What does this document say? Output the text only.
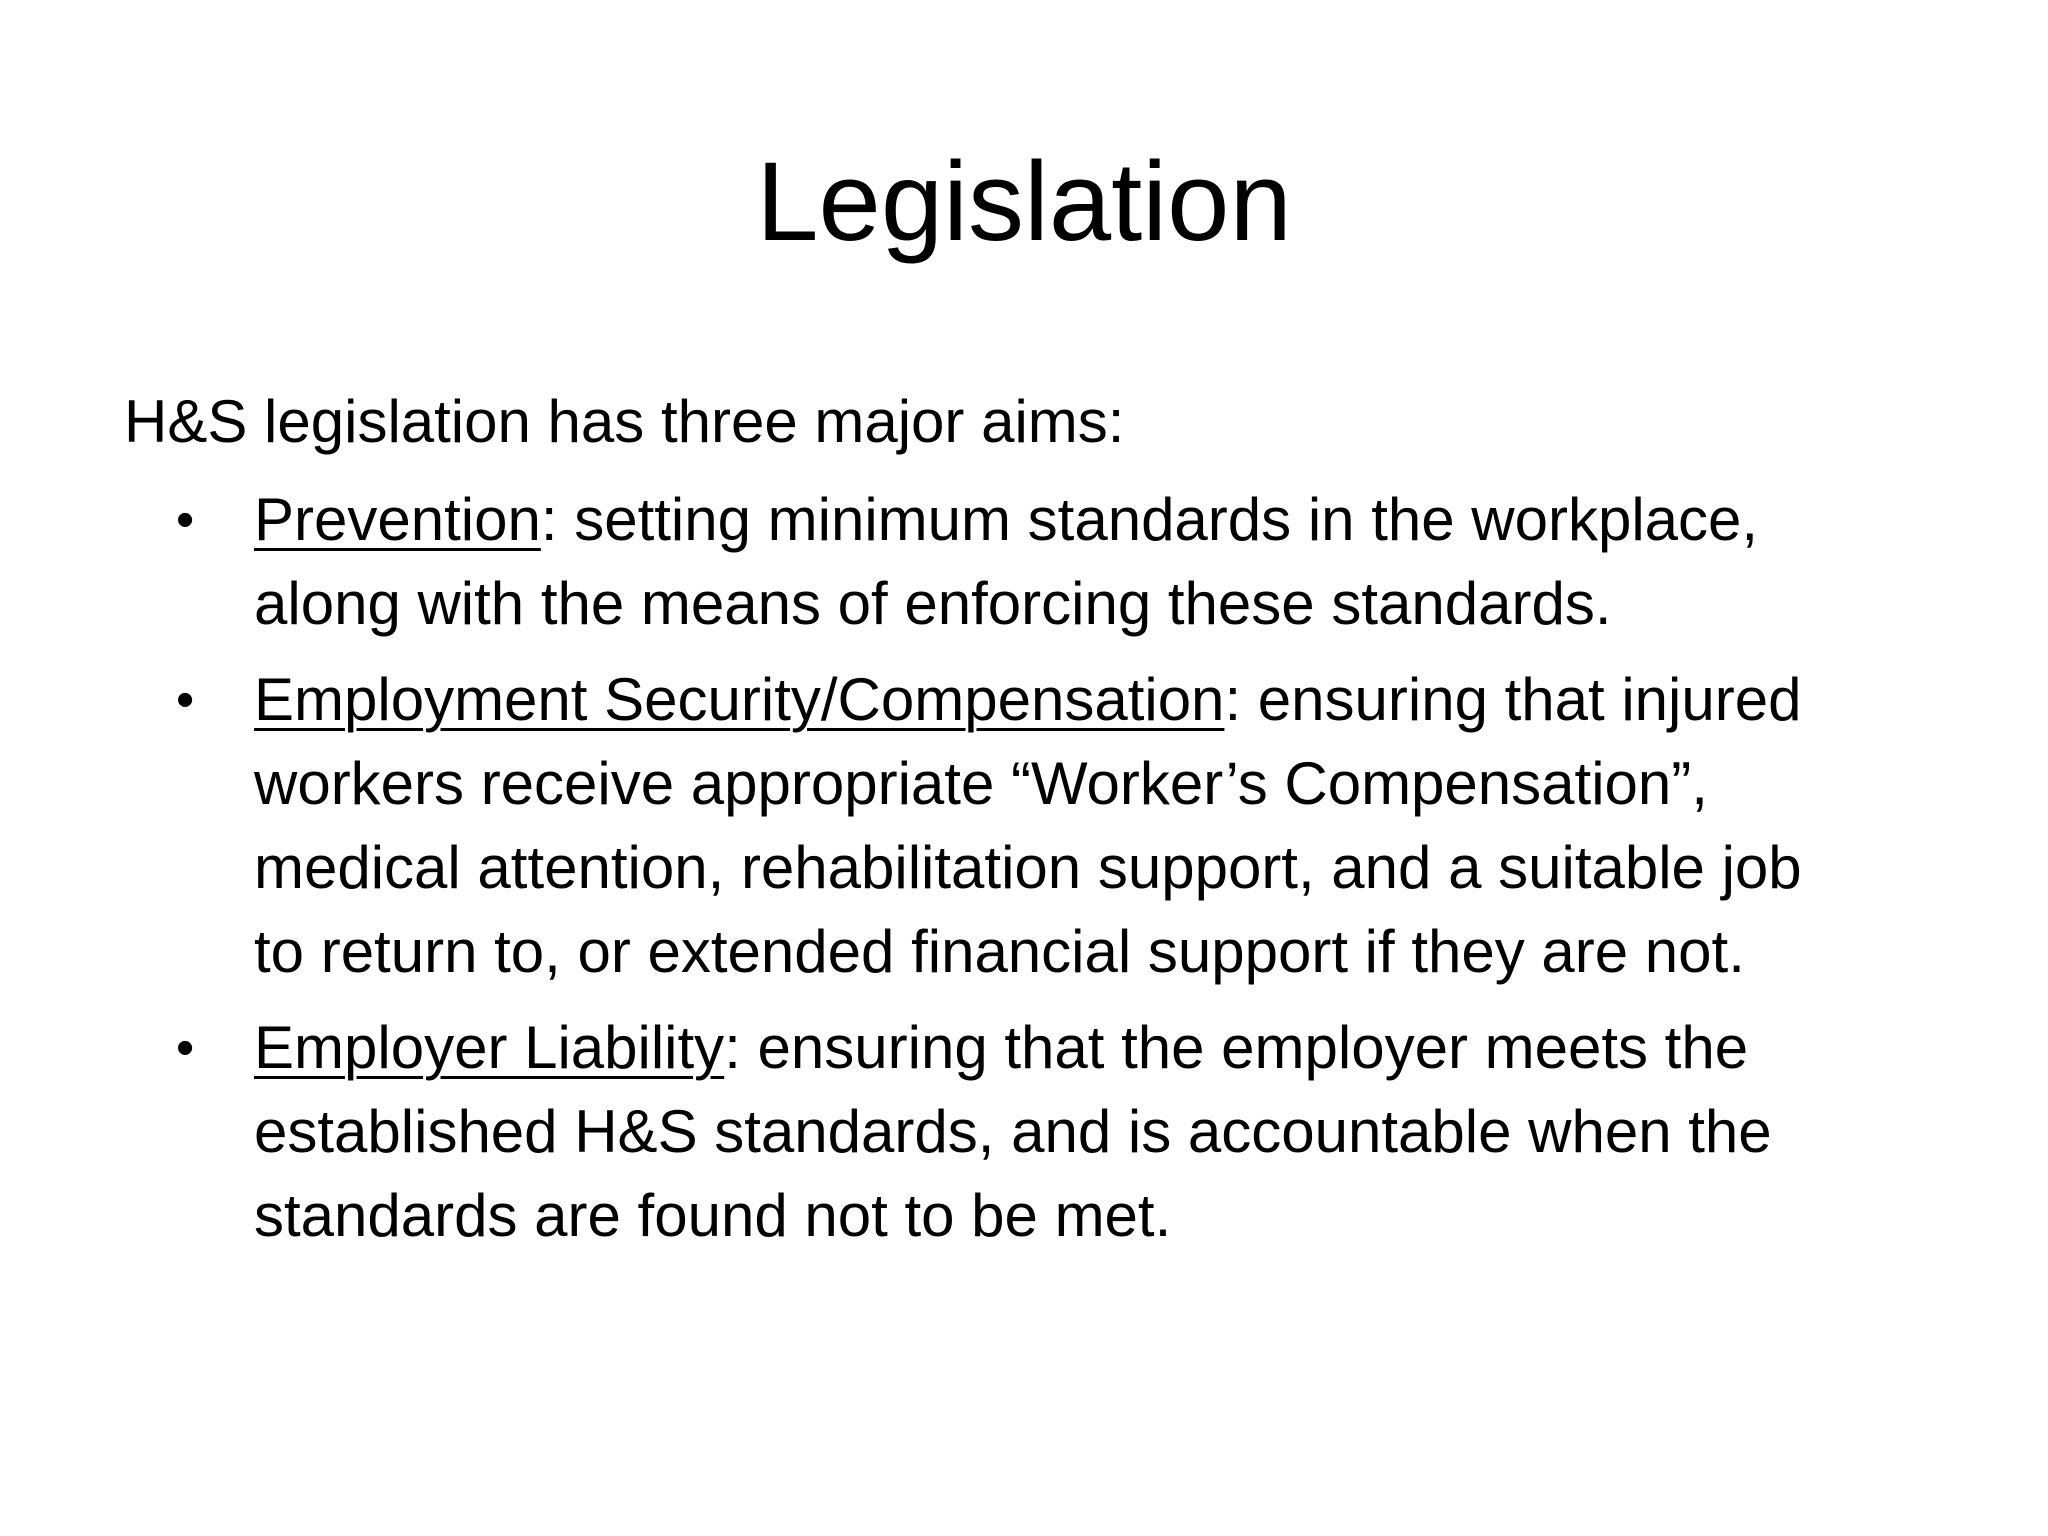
Legislation

H&S legislation has three major aims:

• Prevention: setting minimum standards in the workplace,
along with the means of enforcing these standards.
• Employment Security/Compensation: ensuring that injured
workers receive appropriate “Worker’s Compensation”,
medical attention, rehabilitation support, and a suitable job
to return to, or extended financial support if they are not.
• Employer Liability: ensuring that the employer meets the
established H&S standards, and is accountable when the
standards are found not to be met.
